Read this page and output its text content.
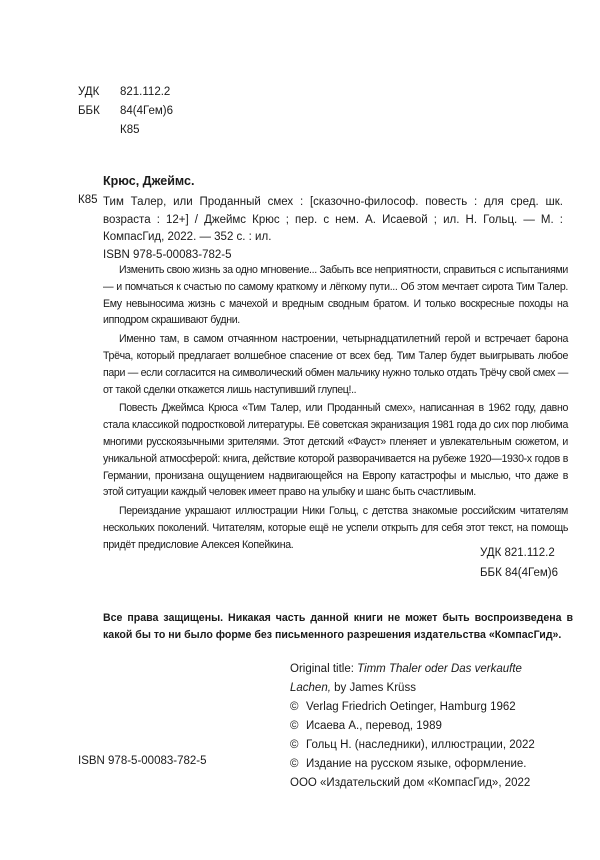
УДК	821.112.2
ББК	84(4Гем)6
К85
Крюс, Джеймс.
К85 Тим Талер, или Проданный смех : [сказочно-философ. повесть : для сред. шк. возраста : 12+] / Джеймс Крюс ; пер. с нем. А. Исаевой ; ил. Н. Гольц. — М. : КомпасГид, 2022. — 352 с. : ил.
ISBN 978-5-00083-782-5

Изменить свою жизнь за одно мгновение... Забыть все неприятности, справиться с испытаниями — и помчаться к счастью по самому краткому и лёгкому пути... Об этом мечтает сирота Тим Талер. Ему невыносима жизнь с мачехой и вредным сводным братом. И только воскресные походы на ипподром скрашивают будни.

Именно там, в самом отчаянном настроении, четырнадцатилетний герой и встречает барона Трёча, который предлагает волшебное спасение от всех бед. Тим Талер будет выигрывать любое пари — если согласится на символический обмен мальчику нужно только отдать Трёчу свой смех — от такой сделки откажется лишь наступивший глупец!..

Повесть Джеймса Крюса «Тим Талер, или Проданный смех», написанная в 1962 году, давно стала классикой подростковой литературы. Её советская экранизация 1981 года до сих пор любима многими русскоязычными зрителями. Этот детский «Фауст» пленяет и увлекательным сюжетом, и уникальной атмосферой: книга, действие которой разворачивается на рубеже 1920—1930-х годов в Германии, пронизана ощущением надвигающейся на Европу катастрофы и мыслью, что даже в этой ситуации каждый человек имеет право на улыбку и шанс быть счастливым.

Переиздание украшают иллюстрации Ники Гольц, с детства знакомые российским читателям нескольких поколений. Читателям, которые ещё не успели открыть для себя этот текст, на помощь придёт предисловие Алексея Копейкина.

УДК 821.112.2
ББК 84(4Гем)6
Все права защищены. Никакая часть данной книги не может быть воспроизведена в какой бы то ни было форме без письменного разрешения издательства «КомпасГид».
Original title: Timm Thaler oder Das verkaufte
Lachen, by James Krüss
© Verlag Friedrich Oetinger, Hamburg 1962
© Исаева А., перевод, 1989
© Гольц Н. (наследники), иллюстрации, 2022
© Издание на русском языке, оформление.
ООО «Издательский дом «КомпасГид», 2022
ISBN 978-5-00083-782-5
